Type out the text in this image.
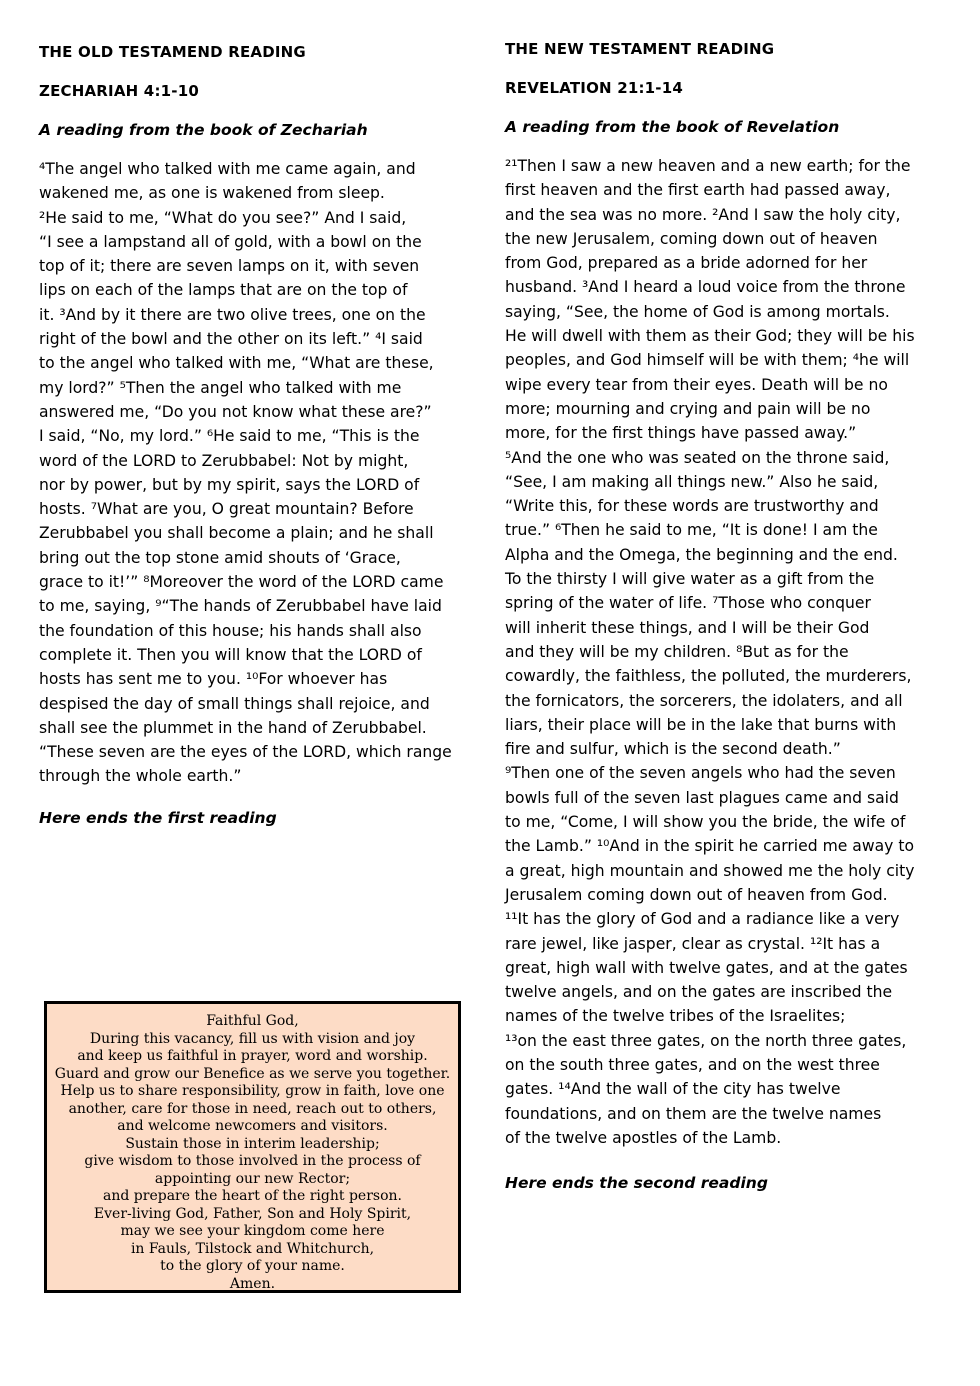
THE OLD TESTAMEND READING
ZECHARIAH 4:1-10

A reading from the book of Zechariah

⁴The angel who talked with me came again, and
wakened me, as one is wakened from sleep.
²He said to me, “What do you see?” And I said,
“I see a lampstand all of gold, with a bowl on the
top of it; there are seven lamps on it, with seven
lips on each of the lamps that are on the top of
it. ³And by it there are two olive trees, one on the
right of the bowl and the other on its left.” ⁴I said
to the angel who talked with me, “What are these,
my lord?” ⁵Then the angel who talked with me
answered me, “Do you not know what these are?”
I said, “No, my lord.” ⁶He said to me, “This is the
word of the LORD to Zerubbabel: Not by might,
nor by power, but by my spirit, says the LORD of
hosts. ⁷What are you, O great mountain? Before
Zerubbabel you shall become a plain; and he shall
bring out the top stone amid shouts of ‘Grace,
grace to it!’” ⁸Moreover the word of the LORD came
to me, saying, ⁹“The hands of Zerubbabel have laid
the foundation of this house; his hands shall also
complete it. Then you will know that the LORD of
hosts has sent me to you. ¹⁰For whoever has
despised the day of small things shall rejoice, and
shall see the plummet in the hand of Zerubbabel.
“These seven are the eyes of the LORD, which range
through the whole earth.”

Here ends the first reading

THE NEW TESTAMENT READING
REVELATION 21:1-14

A reading from the book of Revelation

²¹Then I saw a new heaven and a new earth; for the
first heaven and the first earth had passed away,
and the sea was no more. ²And I saw the holy city,
the new Jerusalem, coming down out of heaven
from God, prepared as a bride adorned for her
husband. ³And I heard a loud voice from the throne
saying, “See, the home of God is among mortals.
He will dwell with them as their God; they will be his
peoples, and God himself will be with them; ⁴he will
wipe every tear from their eyes. Death will be no
more; mourning and crying and pain will be no
more, for the first things have passed away.”
⁵And the one who was seated on the throne said,
“See, I am making all things new.” Also he said,
“Write this, for these words are trustworthy and
true.” ⁶Then he said to me, “It is done! I am the
Alpha and the Omega, the beginning and the end.
To the thirsty I will give water as a gift from the
spring of the water of life. ⁷Those who conquer
will inherit these things, and I will be their God
and they will be my children. ⁸But as for the
cowardly, the faithless, the polluted, the murderers,
the fornicators, the sorcerers, the idolaters, and all
liars, their place will be in the lake that burns with
fire and sulfur, which is the second death.”
⁹Then one of the seven angels who had the seven
bowls full of the seven last plagues came and said
to me, “Come, I will show you the bride, the wife of
the Lamb.” ¹⁰And in the spirit he carried me away to
a great, high mountain and showed me the holy city
Jerusalem coming down out of heaven from God.
¹¹It has the glory of God and a radiance like a very
rare jewel, like jasper, clear as crystal. ¹²It has a
great, high wall with twelve gates, and at the gates
twelve angels, and on the gates are inscribed the
names of the twelve tribes of the Israelites;
¹³on the east three gates, on the north three gates,
on the south three gates, and on the west three
gates. ¹⁴And the wall of the city has twelve
foundations, and on them are the twelve names
of the twelve apostles of the Lamb.

Here ends the second reading

Faithful God,
During this vacancy, fill us with vision and joy
and keep us faithful in prayer, word and worship.
Guard and grow our Benefice as we serve you together.
Help us to share responsibility, grow in faith, love one
another, care for those in need, reach out to others,
and welcome newcomers and visitors.
Sustain those in interim leadership;
give wisdom to those involved in the process of
appointing our new Rector;
and prepare the heart of the right person.
Ever-living God, Father, Son and Holy Spirit,
may we see your kingdom come here
in Fauls, Tilstock and Whitchurch,
to the glory of your name.
Amen.
